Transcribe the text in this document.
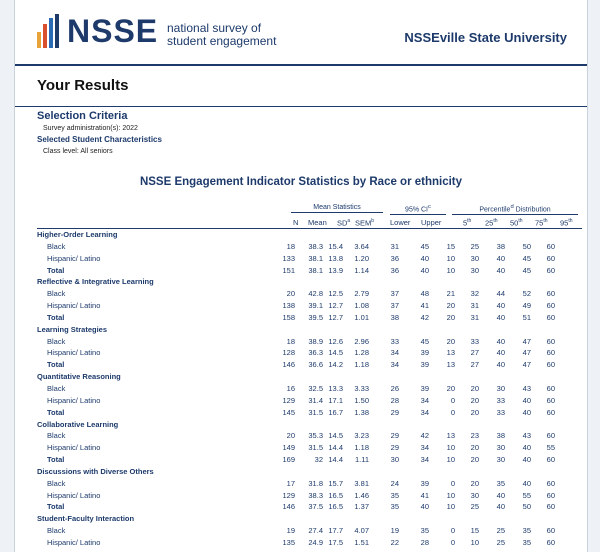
NSSE national survey of
student engagement	NSSEville State University
Your Results
Selection Criteria
Survey administration(s): 2022
Selected Student Characteristics
Class level: All seniors
NSSE Engagement Indicator Statistics by Race or ethnicity
Mean Statistics	95% $CI^c$	Percentile$^d$ Distribution
N Mean $SD^a$ SEM$^b$ Lower Upper	5th 25th 50th 75th 95th
Higher-Order Learning											
Black	18	38.3	15.4	3.64	31	45	15	25	38	50	60
Hispanic/ Latino	133	38.1	13.8	1.20	36	40	10	30	40	45	60
Total	151	38.1	13.9	1.14	36	40	10	30	40	45	60
Reflective & Integrative Learning											
Black	20	42.8	12.5	2.79	37	48	21	32	44	52	60
Hispanic/ Latino	138	39.1	12.7	1.08	37	41	20	31	40	49	60
Total	158	39.5	12.7	1.01	38	42	20	31	40	51	60
Learning Strategies											
Black	18	38.9	12.6	2.96	33	45	20	33	40	47	60
Hispanic/ Latino	128	36.3	14.5	1.28	34	39	13	27	40	47	60
Total	146	36.6	14.2	1.18	34	39	13	27	40	47	60
Quantitative Reasoning											
Black	16	32.5	13.3	3.33	26	39	20	20	30	43	60
Hispanic/ Latino	129	31.4	17.1	1.50	28	34	0	20	33	40	60
Total	145	31.5	16.7	1.38	29	34	0	20	33	40	60
Collaborative Learning											
Black	20	35.3	14.5	3.23	29	42	13	23	38	43	60
Hispanic/ Latino	149	31.5	14.4	1.18	29	34	10	20	30	40	55
Total	169	32	14.4	1.11	30	34	10	20	30	40	60
Discussions with Diverse Others											
Black	17	31.8	15.7	3.81	24	39	0	20	35	40	60
Hispanic/ Latino	129	38.3	16.5	1.46	35	41	10	30	40	55	60
Total	146	37.5	16.5	1.37	35	40	10	25	40	50	60
Student-Faculty Interaction											
Black	19	27.4	17.7	4.07	19	35	0	15	25	35	60
Hispanic/ Latino	135	24.9	17.5	1.51	22	28	0	10	25	35	60
